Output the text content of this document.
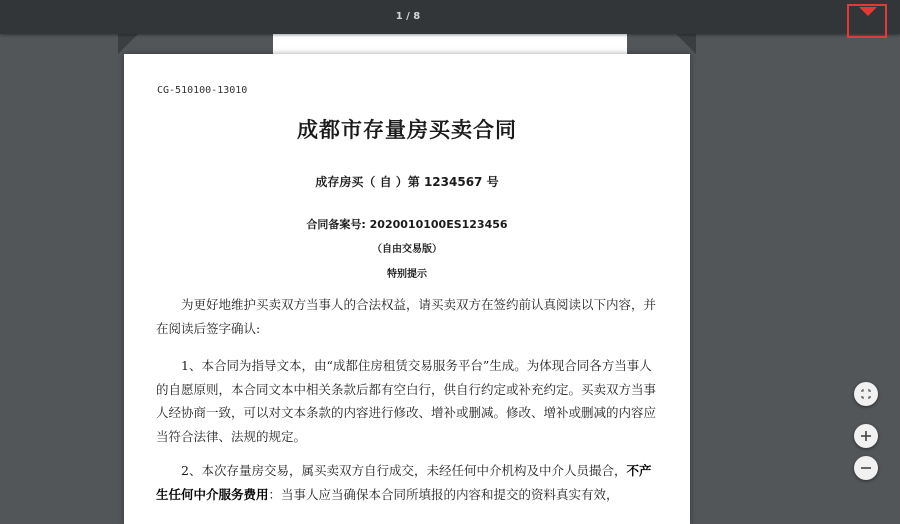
1 / 8
CG-510100-13010
成都市存量房买卖合同
成存房买（ 自 ）第 1234567 号
合同备案号: 2020010100ES123456
（自由交易版）
特别提示
为更好地维护买卖双方当事人的合法权益，请买卖双方在签约前认真阅读以下内容，并在阅读后签字确认:
1、本合同为指导文本，由“成都住房租赁交易服务平台”生成。为体现合同各方当事人的自愿原则，本合同文本中相关条款后都有空白行，供自行约定或补充约定。买卖双方当事人经协商一致，可以对文本条款的内容进行修改、增补或删减。修改、增补或删减的内容应当符合法律、法规的规定。
2、本次存量房交易，属买卖双方自行成交，未经任何中介机构及中介人员撮合，不产生任何中介服务费用：当事人应当确保本合同所填报的内容和提交的资料真实有效，
